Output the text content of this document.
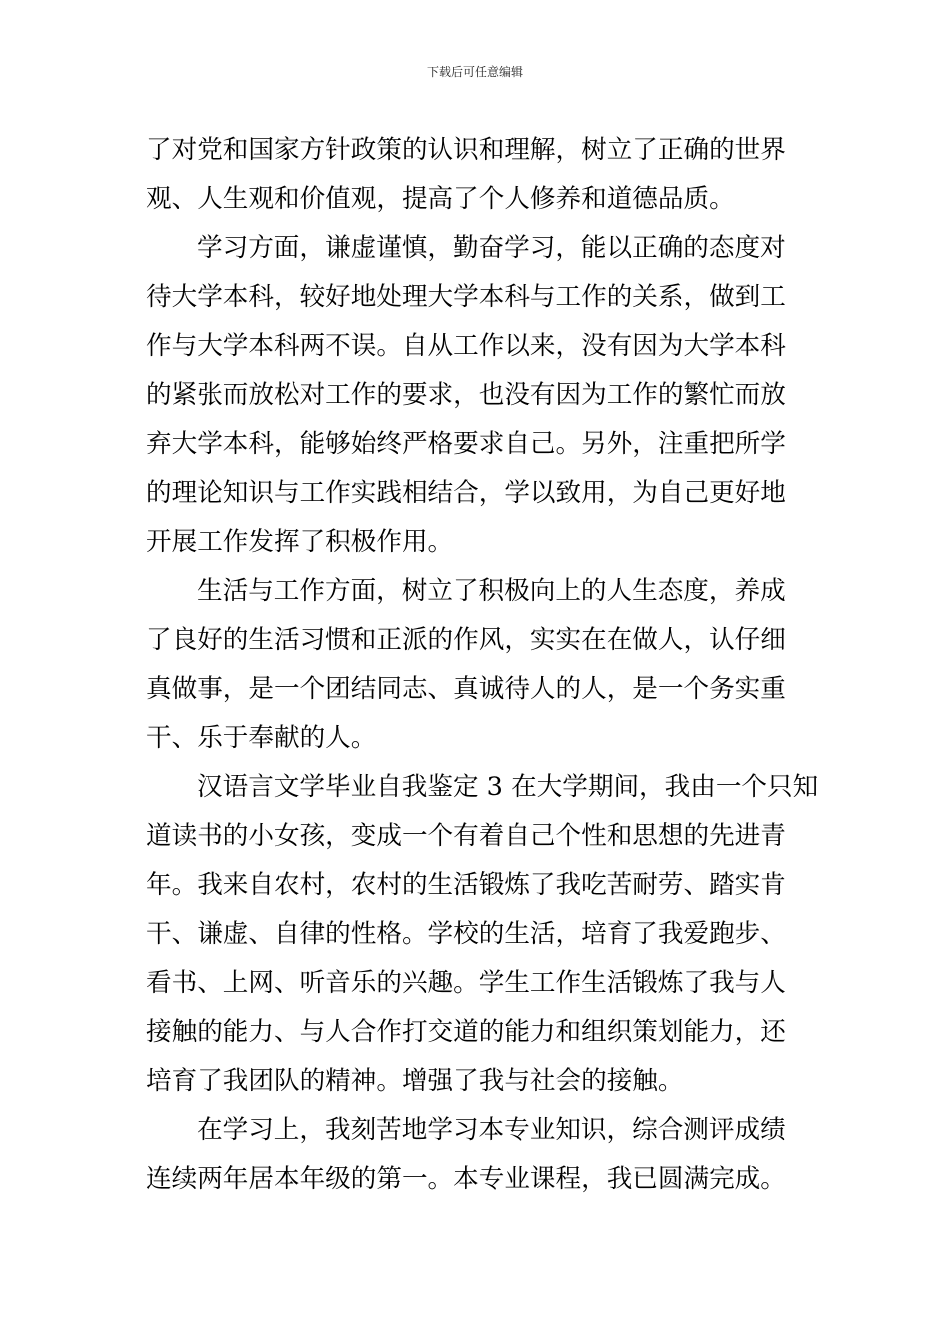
下载后可任意编辑
了对党和国家方针政策的认识和理解，树立了正确的世界
观、人生观和价值观，提高了个人修养和道德品质。
学习方面，谦虚谨慎，勤奋学习，能以正确的态度对
待大学本科，较好地处理大学本科与工作的关系，做到工
作与大学本科两不误。自从工作以来，没有因为大学本科
的紧张而放松对工作的要求，也没有因为工作的繁忙而放
弃大学本科，能够始终严格要求自己。另外，注重把所学
的理论知识与工作实践相结合，学以致用，为自己更好地
开展工作发挥了积极作用。
生活与工作方面，树立了积极向上的人生态度，养成
了良好的生活习惯和正派的作风，实实在在做人，认仔细
真做事，是一个团结同志、真诚待人的人，是一个务实重
干、乐于奉献的人。
汉语言文学毕业自我鉴定 3 在大学期间，我由一个只知
道读书的小女孩，变成一个有着自己个性和思想的先进青
年。我来自农村，农村的生活锻炼了我吃苦耐劳、踏实肯
干、谦虚、自律的性格。学校的生活，培育了我爱跑步、
看书、上网、听音乐的兴趣。学生工作生活锻炼了我与人
接触的能力、与人合作打交道的能力和组织策划能力，还
培育了我团队的精神。增强了我与社会的接触。
在学习上，我刻苦地学习本专业知识，综合测评成绩
连续两年居本年级的第一。本专业课程，我已圆满完成。
